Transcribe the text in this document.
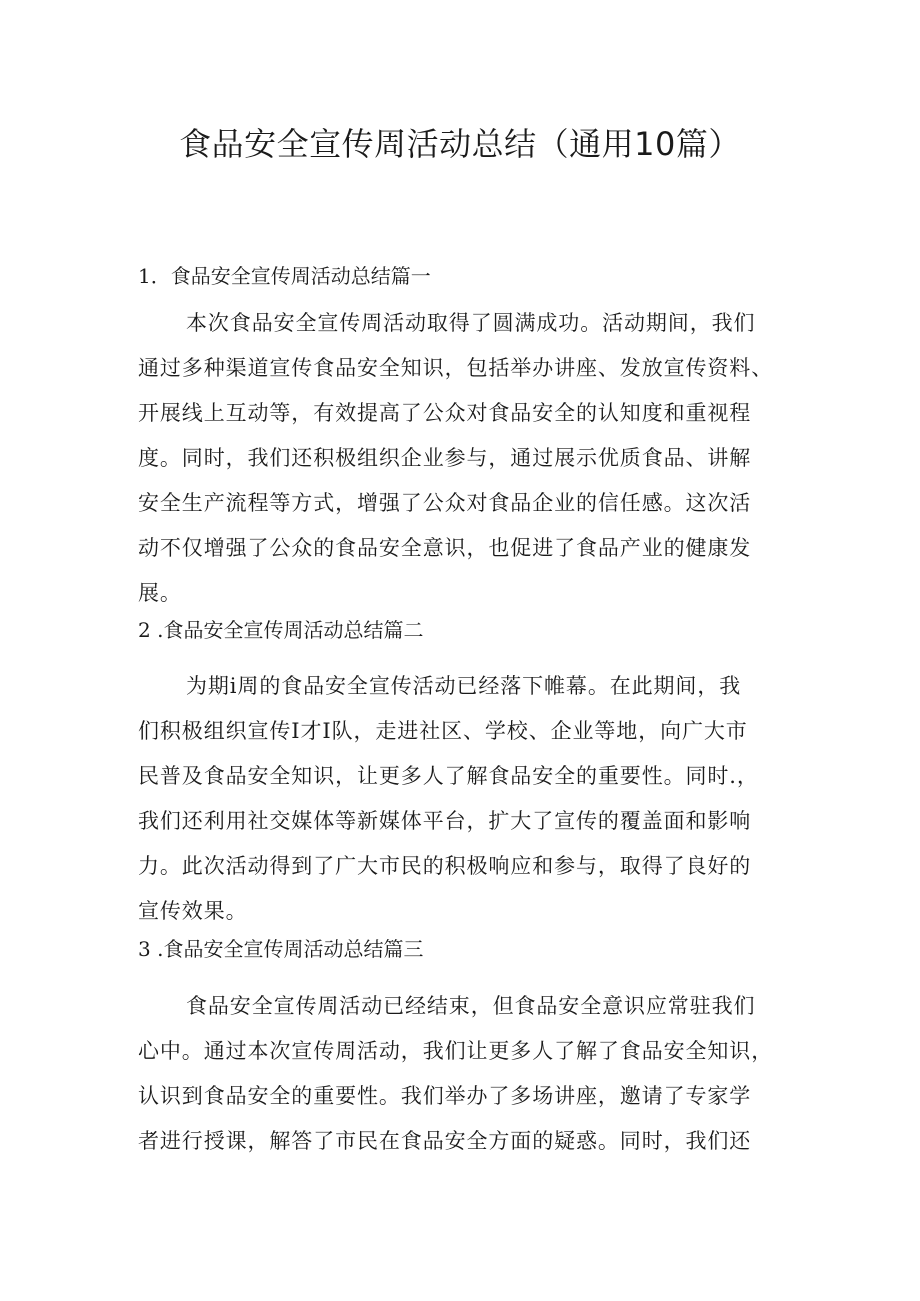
食品安全宣传周活动总结（通用10篇）
1．食品安全宣传周活动总结篇一
本次食品安全宣传周活动取得了圆满成功。活动期间，我们
通过多种渠道宣传食品安全知识，包括举办讲座、发放宣传资料、
开展线上互动等，有效提高了公众对食品安全的认知度和重视程
度。同时，我们还积极组织企业参与，通过展示优质食品、讲解
安全生产流程等方式，增强了公众对食品企业的信任感。这次活
动不仅增强了公众的食品安全意识，也促进了食品产业的健康发
展。
2 .食品安全宣传周活动总结篇二
为期i周的食品安全宣传活动已经落下帷幕。在此期间，我
们积极组织宣传I才I队，走进社区、学校、企业等地，向广大市
民普及食品安全知识，让更多人了解食品安全的重要性。同时.，
我们还利用社交媒体等新媒体平台，扩大了宣传的覆盖面和影响
力。此次活动得到了广大市民的积极响应和参与，取得了良好的
宣传效果。
3 .食品安全宣传周活动总结篇三
食品安全宣传周活动已经结束，但食品安全意识应常驻我们
心中。通过本次宣传周活动，我们让更多人了解了食品安全知识，
认识到食品安全的重要性。我们举办了多场讲座，邀请了专家学
者进行授课，解答了市民在食品安全方面的疑惑。同时，我们还
